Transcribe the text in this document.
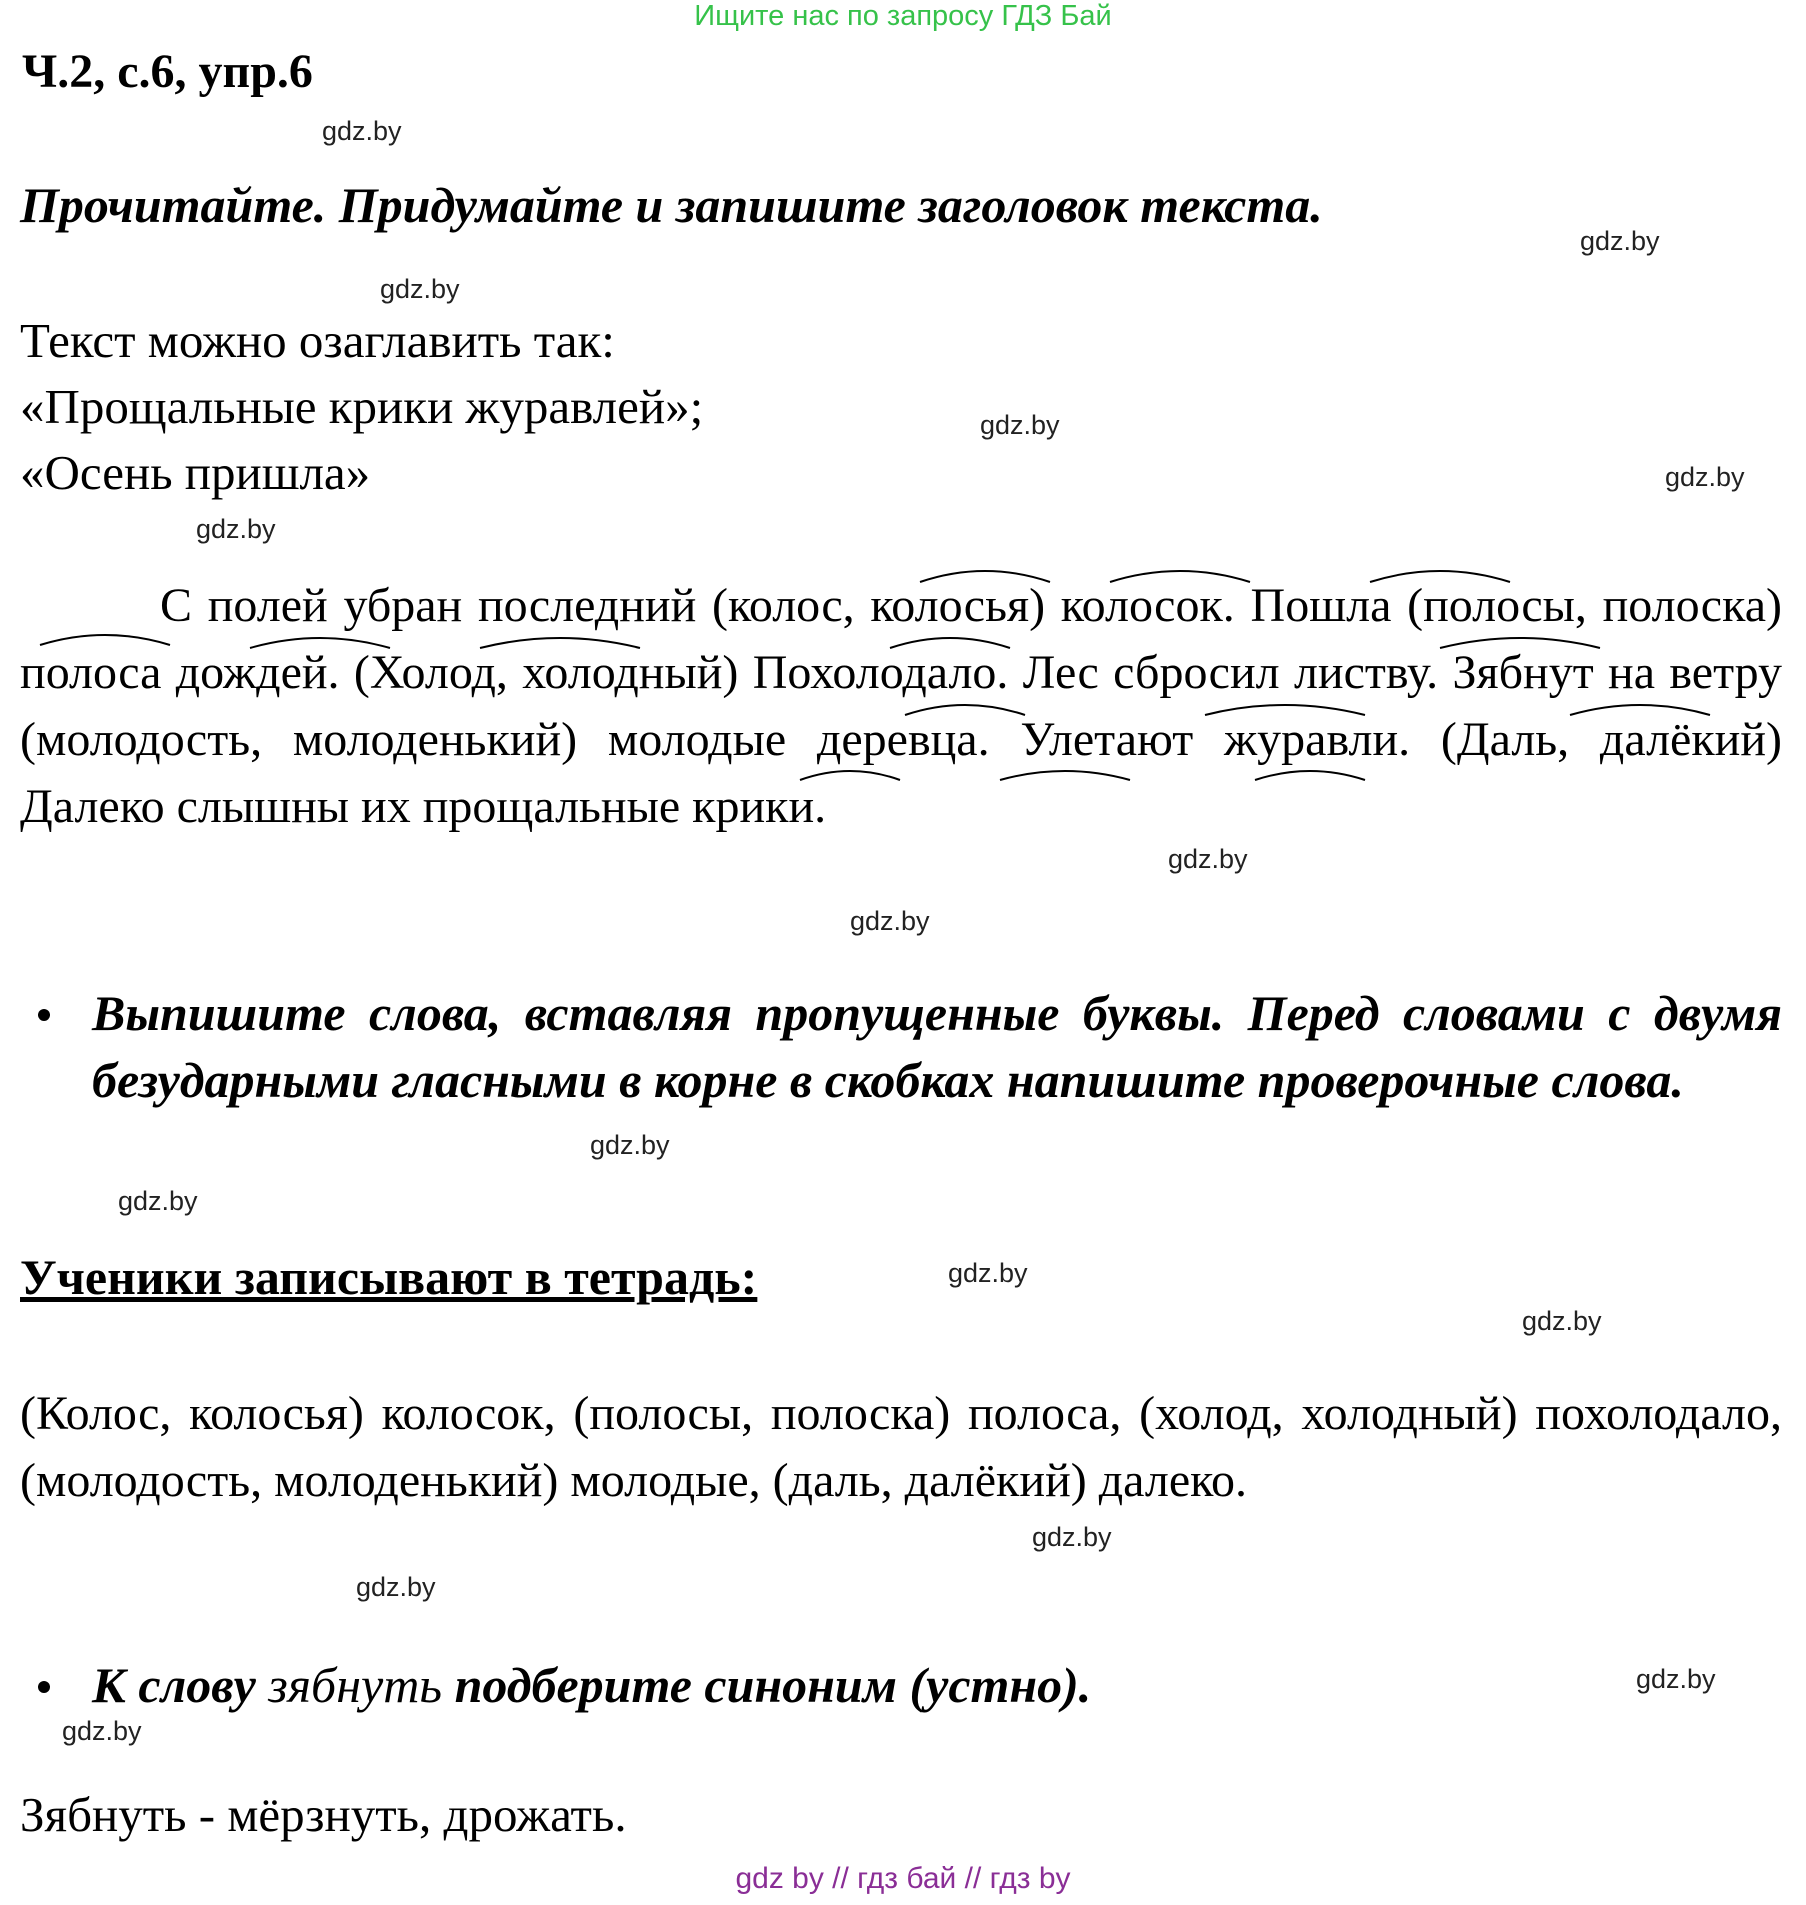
Ищите нас по запросу ГДЗ Бай
Ч.2, с.6, упр.6
Прочитайте. Придумайте и запишите заголовок текста.
Текст можно озаглавить так:
«Прощальные крики журавлей»;
«Осень пришла»
С полей убран последний (колос, колосья) колосок. Пошла (полосы, полоска) полоса дождей. (Холод, холодный) Похолодало. Лес сбросил листву. Зябнут на ветру (молодость, молоденький) молодые деревца. Улетают журавли. (Даль, далёкий) Далеко слышны их прощальные крики.
Выпишите слова, вставляя пропущенные буквы. Перед словами с двумя безударными гласными в корне в скобках напишите проверочные слова.
Ученики записывают в тетрадь:
(Колос, колосья) колосок, (полосы, полоска) полоса, (холод, холодный) похолодало, (молодость, молоденький) молодые, (даль, далёкий) далеко.
К слову зябнуть подберите синоним (устно).
Зябнуть - мёрзнуть, дрожать.
gdz.by
gdz.by
gdz.by
gdz.by
gdz.by
gdz.by
gdz.by
gdz.by
gdz.by
gdz.by
gdz.by
gdz.by
gdz.by
gdz.by
gdz.by
gdz.by
gdz by // гдз бай // гдз by
